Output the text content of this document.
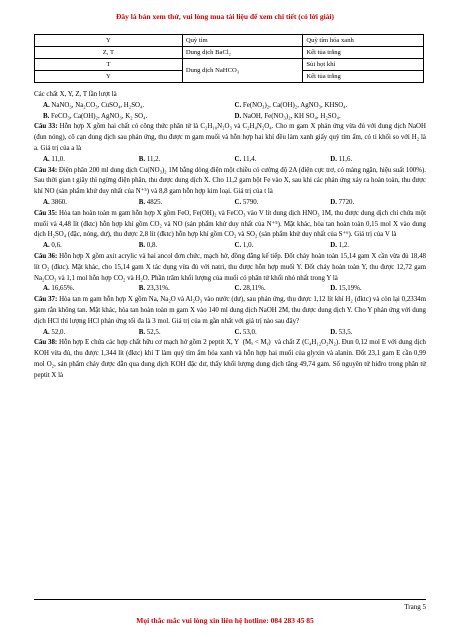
Đây là bản xem thử, vui lòng mua tài liệu để xem chi tiết (có lời giải)
Y	Quỳ tím	Quỳ tím hóa xanh
Z, T	Dung dịch BaCl₂	Kết tủa trắng
T	Dung dịch NaHCO₃	Sủi bọt khí
Y		Kết tủa trắng

Các chất X, Y, Z, T lần lượt là

A. NaNO₃, Na₂CO₃, CuSO₄, H₂SO₄.	C. Fe(NO₃)₂, Ca(OH)₂, AgNO₃, KHSO₄.
B. FeCO₃, Ca(OH)₂, AgNO₃, K₂ SO₄.	D. NaOH, Fe(NO₃)₂, KH SO₄, H₂SO₄.

Câu 33: Hỗn hợp X gồm hai chất có công thức phân tử là C₂H₁₀N₂O₃ và C₂H₄N₂O₄. Cho m gam X phản ứng vừa đủ với dung dịch NaOH (đun nóng), cô cạn dung dịch sau phản ứng, thu được m gam muối và hỗn hợp hai khí đều làm xanh giấy quỳ tím ẩm, có tỉ khối so với H₂ là a. Giá trị của a là

A. 11,0.	B. 11,2.	C. 11,4.	D. 11,6.

Câu 34: Điện phân 200 ml dung dịch Cu(NO₃)₂ 1M bằng dòng điện một chiều có cường độ 2A (điện cực trơ, có màng ngăn, hiệu suất 100%). Sau thời gian t giây thì ngừng điện phân, thu được dung dịch X. Cho 11,2 gam bột Fe vào X, sau khi các phản ứng xảy ra hoàn toàn, thu được khí NO (sản phẩm khử duy nhất của N⁺⁵) và 8,8 gam hỗn hợp kim loại. Giá trị của t là

A. 3860.	B. 4825.	C. 5790.	D. 7720.

Câu 35: Hòa tan hoàn toàn m gam hỗn hợp X gồm FeO, Fe(OH)₂ và FeCO₃ vào V lít dung dịch HNO₃ 1M, thu được dung dịch chỉ chứa một muối và 4,48 lít (đktc) hỗn hợp khí gồm CO₂ và NO (sản phẩm khử duy nhất của N⁺⁵). Mặt khác, hòa tan hoàn toàn 0,15 mol X vào dung dịch H₂SO₄ (đặc, nóng, dư), thu được 2,8 lít (đktc) hỗn hợp khí gồm CO₂ và SO₂ (sản phẩm khử duy nhất của S⁺⁶). Giá trị của V là

A. 0,6.	B. 0,8.	C. 1,0.	D. 1,2.

Câu 36: Hỗn hợp X gồm axit acrylic và hai ancol đơn chức, mạch hở, đồng đẳng kế tiếp. Đốt cháy hoàn toàn 15,14 gam X cần vừa đủ 18,48 lít O₂ (đktc). Mặt khác, cho 15,14 gam X tác dụng vừa đủ với natri, thu được hỗn hợp muối Y. Đốt cháy hoàn toàn Y, thu được 12,72 gam Na₂CO₃ và 1,1 mol hỗn hợp CO₂ và H₂O. Phần trăm khối lượng của muối có phân tử khối nhỏ nhất trong Y là

A. 16,65%.	B. 23,31%.	C. 28,11%.	D. 15,19%.

Câu 37: Hòa tan m gam hỗn hợp X gồm Na, Na₂O và Al₂O₃ vào nước (dư), sau phản ứng, thu được 1,12 lít khí H₂ (đktc) và còn lại 0,2334m gam rắn không tan. Mặt khác, hòa tan hoàn toàn m gam X vào 140 ml dung dịch NaOH 2M, thu được dung dịch Y. Cho Y phản ứng với dung dịch HCl thì lượng HCl phản ứng tối đa là 3 mol. Giá trị của m gần nhất với giá trị nào sau đây?

A. 52,0.	B. 52,5.	C. 53,0.	D. 53,5.

Câu 38: Hỗn hợp E chứa các hợp chất hữu cơ mạch hở gồm 2 peptit X, Y (Mₓ < Mᵧ) và chất Z (C₄H₁₂O₂N₂). Đun 0,12 mol E với dung dịch KOH vừa đủ, thu được 1,344 lít (đktc) khí T làm quỳ tím ẩm hóa xanh và hỗn hợp hai muối của glyxin và alanin. Đốt 23,1 gam E cần 0,99 mol O₂, sản phẩm cháy được dẫn qua dung dịch KOH đặc dư, thấy khối lượng dung dịch tăng 49,74 gam. Số nguyên tử hiđro trong phân tử peptit X là

Trang 5
Mọi thắc mắc vui lòng xin liên hệ hotline: 084 283 45 85
